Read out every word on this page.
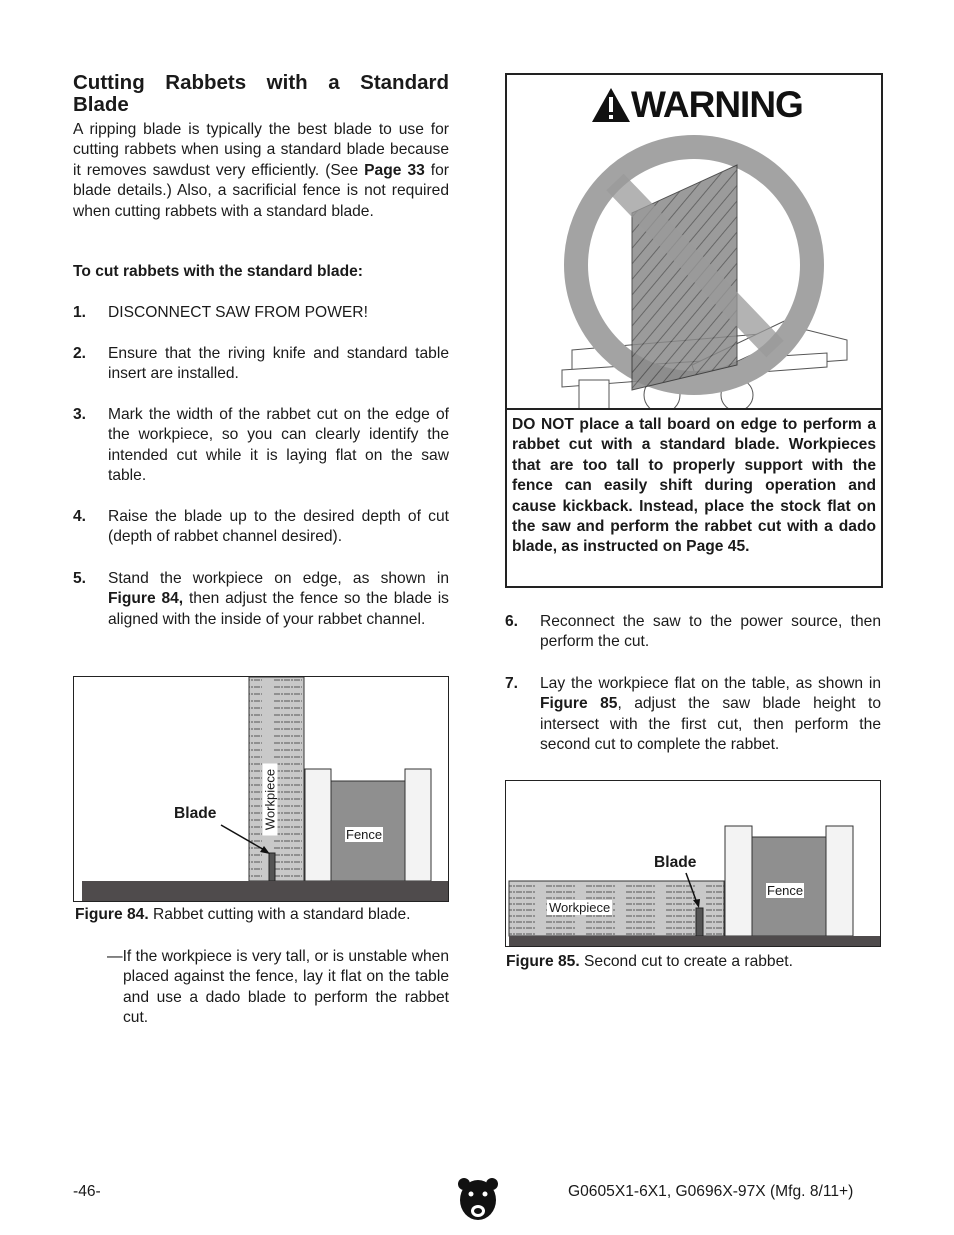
Cutting Rabbets with a Standard Blade

A ripping blade is typically the best blade to use for cutting rabbets when using a standard blade because it removes sawdust very efficiently. (See Page 33 for blade details.) Also, a sacrificial fence is not required when cutting rabbets with a standard blade.

To cut rabbets with the standard blade:

1. DISCONNECT SAW FROM POWER!
2. Ensure that the riving knife and standard table insert are installed.
3. Mark the width of the rabbet cut on the edge of the workpiece, so you can clearly identify the intended cut while it is laying flat on the saw table.
4. Raise the blade up to the desired depth of cut (depth of rabbet channel desired).
5. Stand the workpiece on edge, as shown in Figure 84, then adjust the fence so the blade is aligned with the inside of your rabbet channel.
Blade	Workpiece
Fence
Figure 84. Rabbet cutting with a standard blade.

—If the workpiece is very tall, or is unstable when placed against the fence, lay it flat on the table and use a dado blade to perform the rabbet cut.

WARNING

DO NOT place a tall board on edge to perform a rabbet cut with a standard blade. Workpieces that are too tall to properly support with the fence can easily shift during operation and cause kickback. Instead, place the stock flat on the saw and perform the rabbet cut with a dado blade, as instructed on Page 45.

6. Reconnect the saw to the power source, then perform the cut.
7. Lay the workpiece flat on the table, as shown in Figure 85, adjust the saw blade height to intersect with the first cut, then perform the second cut to complete the rabbet.
Blade
Workpiece
Fence
Figure 85. Second cut to create a rabbet.
-46-	G0605X1-6X1, G0696X-97X (Mfg. 8/11+)
